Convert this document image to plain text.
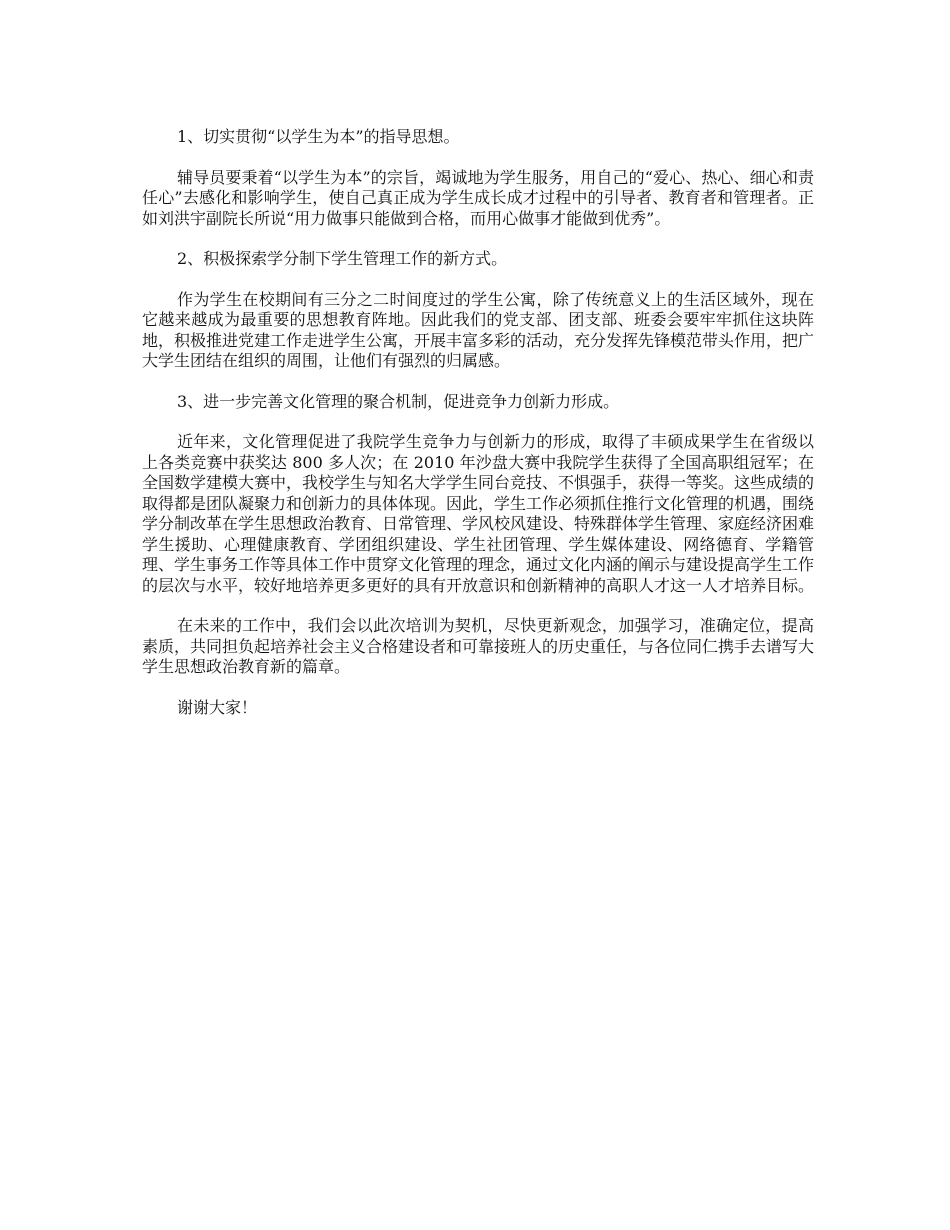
1、切实贯彻“以学生为本”的指导思想。

辅导员要秉着“以学生为本”的宗旨，竭诚地为学生服务，用自己的“爱心、热心、细心和责任心”去感化和影响学生，使自己真正成为学生成长成才过程中的引导者、教育者和管理者。正如刘洪宇副院长所说“用力做事只能做到合格，而用心做事才能做到优秀”。

2、积极探索学分制下学生管理工作的新方式。

作为学生在校期间有三分之二时间度过的学生公寓，除了传统意义上的生活区域外，现在它越来越成为最重要的思想教育阵地。因此我们的党支部、团支部、班委会要牢牢抓住这块阵地，积极推进党建工作走进学生公寓，开展丰富多彩的活动，充分发挥先锋模范带头作用，把广大学生团结在组织的周围，让他们有强烈的归属感。

3、进一步完善文化管理的聚合机制，促进竞争力创新力形成。

近年来，文化管理促进了我院学生竞争力与创新力的形成，取得了丰硕成果学生在省级以上各类竞赛中获奖达 800 多人次；在 2010 年沙盘大赛中我院学生获得了全国高职组冠军；在全国数学建模大赛中，我校学生与知名大学学生同台竞技、不惧强手，获得一等奖。这些成绩的取得都是团队凝聚力和创新力的具体体现。因此，学生工作必须抓住推行文化管理的机遇，围绕学分制改革在学生思想政治教育、日常管理、学风校风建设、特殊群体学生管理、家庭经济困难学生援助、心理健康教育、学团组织建设、学生社团管理、学生媒体建设、网络德育、学籍管理、学生事务工作等具体工作中贯穿文化管理的理念，通过文化内涵的阐示与建设提高学生工作的层次与水平，较好地培养更多更好的具有开放意识和创新精神的高职人才这一人才培养目标。

在未来的工作中，我们会以此次培训为契机，尽快更新观念，加强学习，准确定位，提高素质，共同担负起培养社会主义合格建设者和可靠接班人的历史重任，与各位同仁携手去谱写大学生思想政治教育新的篇章。

谢谢大家！
